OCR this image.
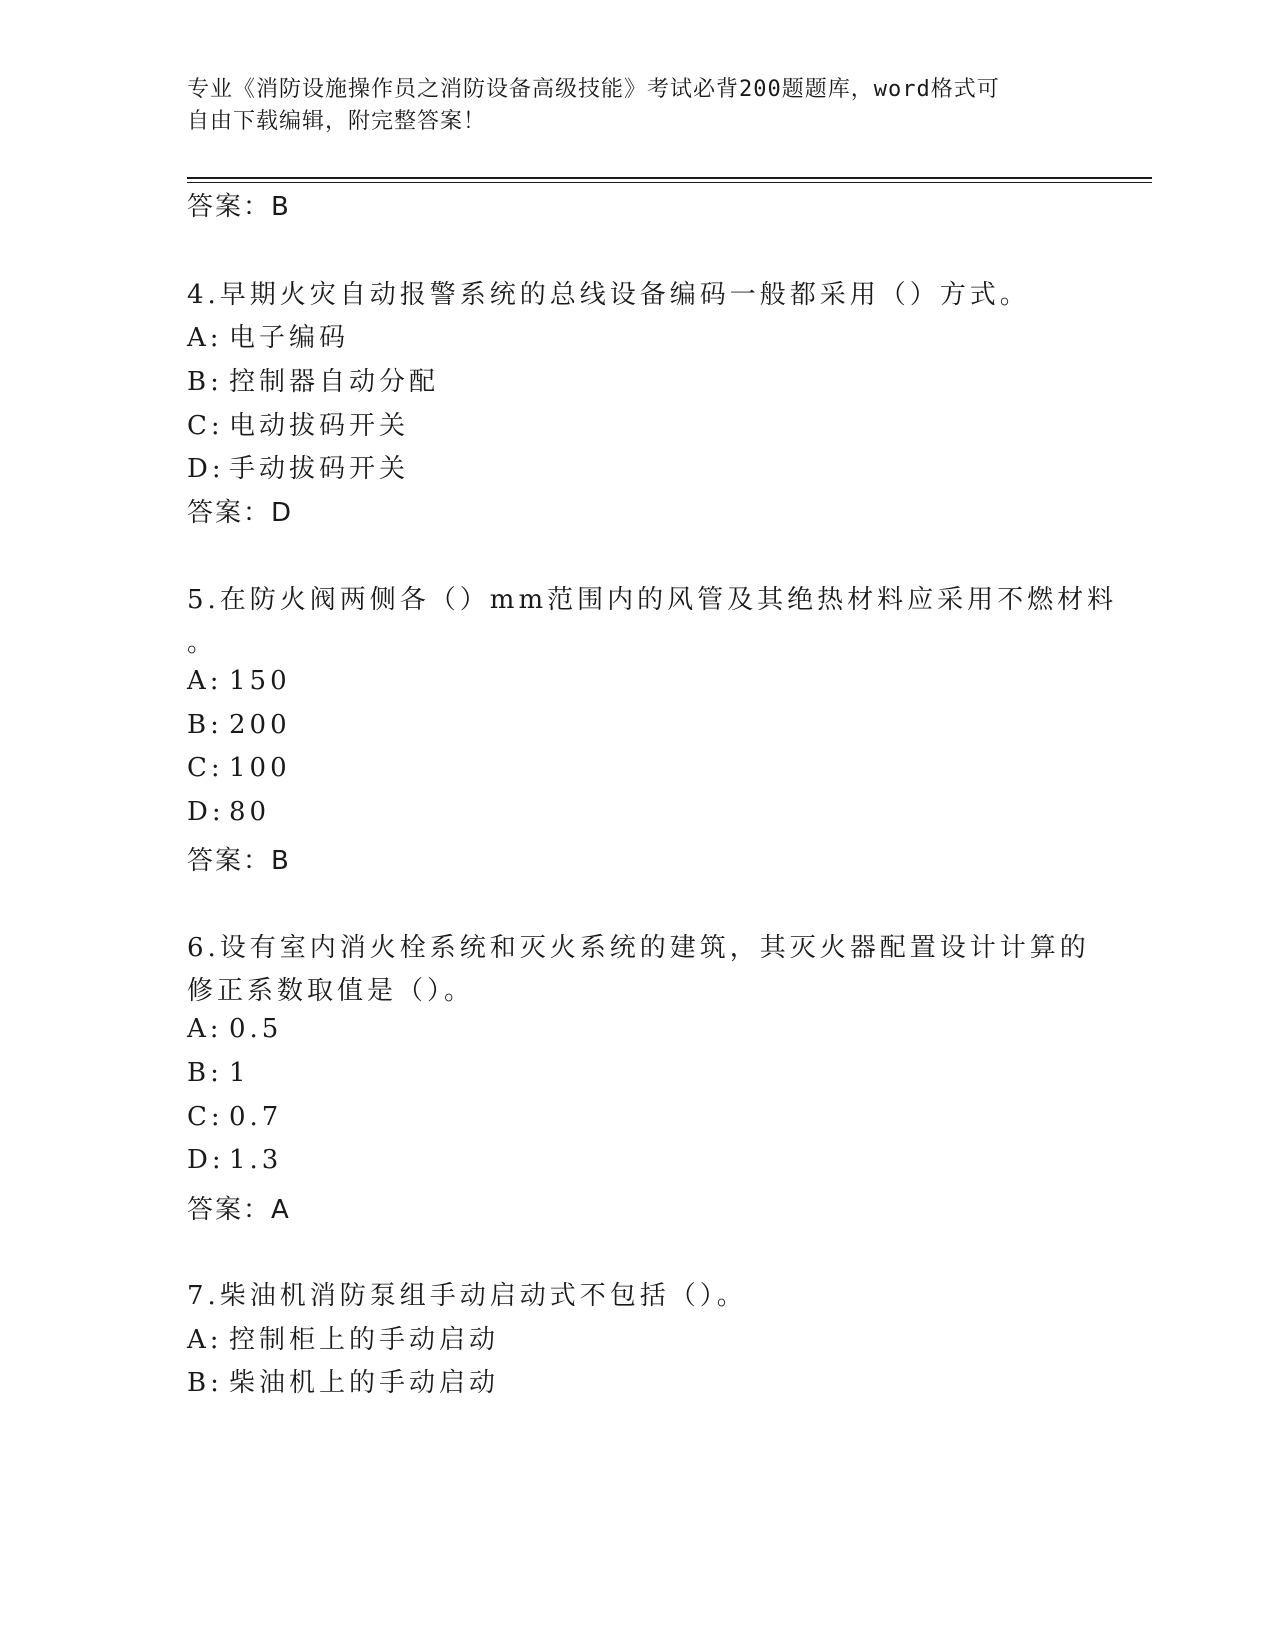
专业《消防设施操作员之消防设备高级技能》考试必背200题题库，word格式可
自由下载编辑，附完整答案！
答案：B
4.早期火灾自动报警系统的总线设备编码一般都采用（）方式。
A: 电子编码
B: 控制器自动分配
C: 电动拔码开关
D: 手动拔码开关
答案：D
5.在防火阀两侧各（）mm范围内的风管及其绝热材料应采用不燃材料
。
A: 150
B: 200
C: 100
D: 80
答案：B
6.设有室内消火栓系统和灭火系统的建筑，其灭火器配置设计计算的
修正系数取值是（）。
A: 0.5
B: 1
C: 0.7
D: 1.3
答案：A
7.柴油机消防泵组手动启动式不包括（）。
A: 控制柜上的手动启动
B: 柴油机上的手动启动
